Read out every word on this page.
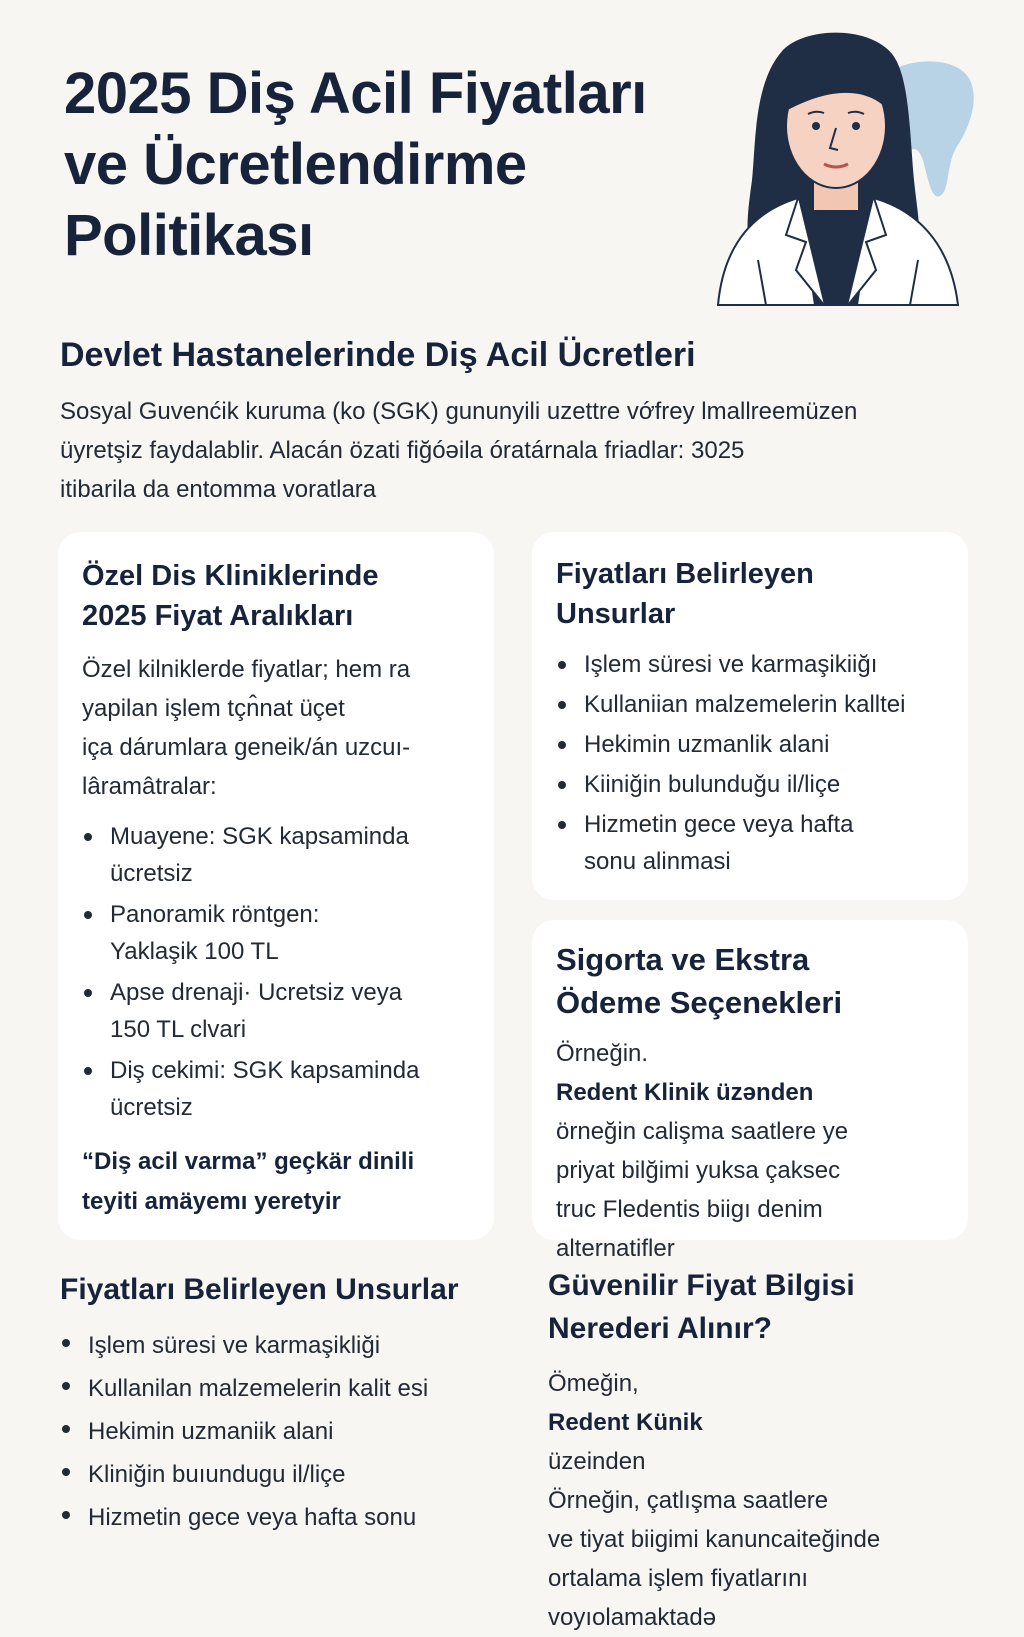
2025 Diş Acil Fiyatları
ve Ücretlendirme
Politikası
Devlet Hastanelerinde Diş Acil Ücretleri

Sosyal Guvenćik kuruma (ko (SGK) gununyili uzettre vớfrey lmallreemüzen
üyretşiz faydalablir. Alacán özati fiğóəila óratárnala friadlar: 3025
itibarila da entomma voratlara

Özel Dis Kliniklerinde
2025 Fiyat Aralıkları

Özel kilniklerde fiyatlar; hem ra
yapilan işlem tçn̂nat üçet
iça dárumlara geneik/án uzcuı-
lâramâtralar:

Muayene: SGK kapsaminda
ücretsiz
Panoramik röntgen:
Yaklaşik 100 TL
Apse drenaji· Ucretsiz veya
150 TL clvari
Diş cekimi: SGK kapsaminda
ücretsiz

“Diş acil varma” geçkär dinili
teyiti amäyemı yeretyir

Fiyatları Belirleyen
Unsurlar
Işlem süresi ve karmaşikiiğı
Kullaniian malzemelerin kalltei
Hekimin uzmanlik alani
Kiiniğin bulunduğu il/liçe
Hizmetin gece veya hafta
sonu alinmasi
Sigorta ve Ekstra
Ödeme Seçenekleri

Örneğin.
Redent Klinik üzənden
örneğin calişma saatlere ye
priyat bilğimi yuksa çaksec
truc Fledentis biigı denim
alternatifler

Fiyatları Belirleyen Unsurlar
Işlem süresi ve karmaşikliği
Kullanilan malzemelerin kalit esi
Hekimin uzmaniik alani
Kliniğin buıundugu il/liçe
Hizmetin gece veya hafta sonu
Güvenilir Fiyat Bilgisi
Nerederi Alınır?

Ömeğin,
Redent Künik
üzeinden
Örneğin, çatlışma saatlere
ve tiyat biigimi kanuncaiteğinde
ortalama işlem fiyatlarını
voyıolamaktadə
